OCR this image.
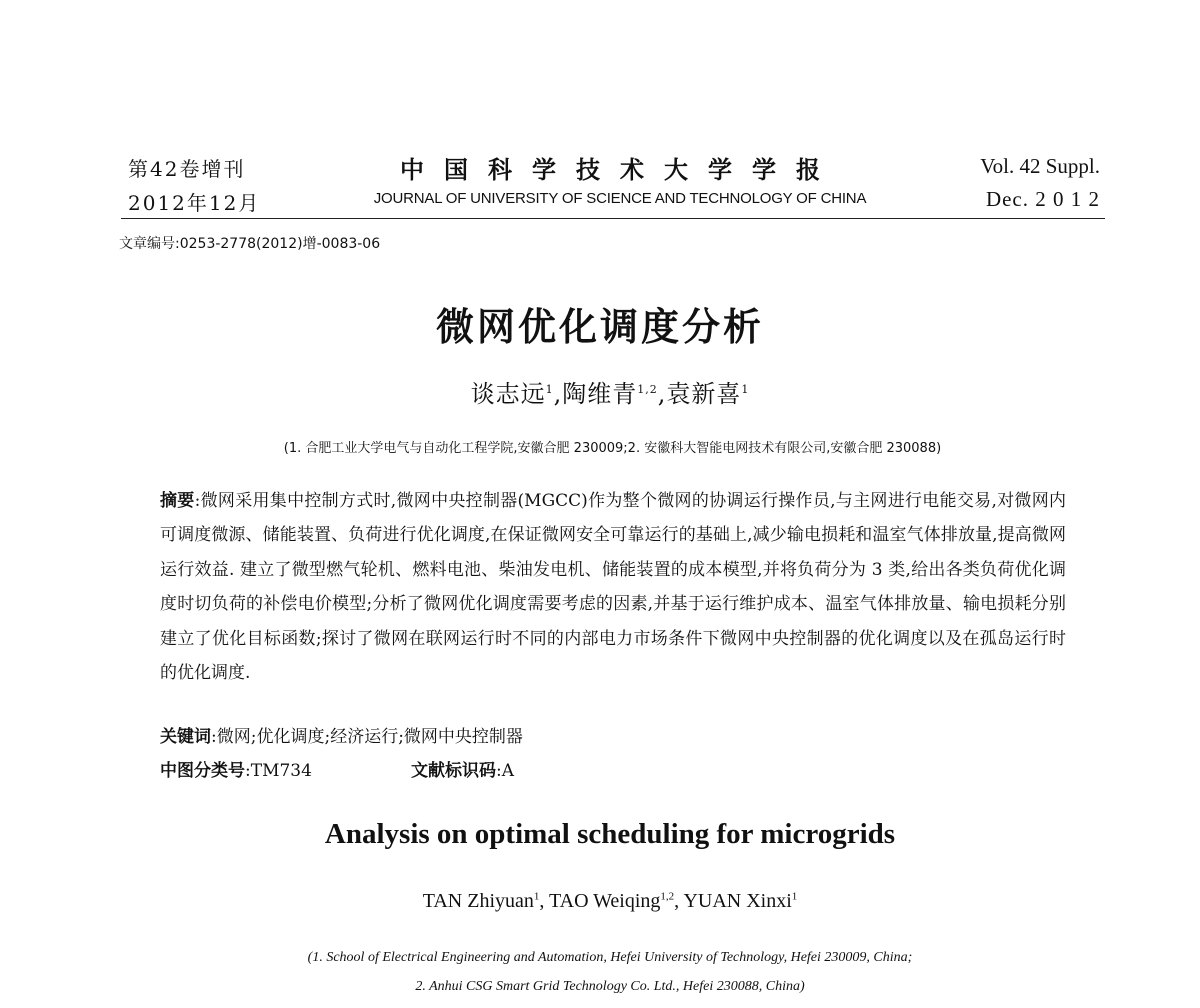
第42卷增刊
2012年12月
中国科学技术大学学报
JOURNAL OF UNIVERSITY OF SCIENCE AND TECHNOLOGY OF CHINA
Vol. 42 Suppl.
Dec. 2 0 1 2
文章编号:0253-2778(2012)增-0083-06
微网优化调度分析
谈志远$^1$,陶维青$^{1,2}$,袁新喜$^1$
(1. 合肥工业大学电气与自动化工程学院,安徽合肥 230009;2. 安徽科大智能电网技术有限公司,安徽合肥 230088)
摘要:微网采用集中控制方式时,微网中央控制器(MGCC)作为整个微网的协调运行操作员,与主网进行电能交易,对微网内可调度微源、储能装置、负荷进行优化调度,在保证微网安全可靠运行的基础上,减少输电损耗和温室气体排放量,提高微网运行效益. 建立了微型燃气轮机、燃料电池、柴油发电机、储能装置的成本模型,并将负荷分为 3 类,给出各类负荷优化调度时切负荷的补偿电价模型;分析了微网优化调度需要考虑的因素,并基于运行维护成本、温室气体排放量、输电损耗分别建立了优化目标函数;探讨了微网在联网运行时不同的内部电力市场条件下微网中央控制器的优化调度以及在孤岛运行时的优化调度.
关键词:微网;优化调度;经济运行;微网中央控制器
中图分类号:TM734	文献标识码:A
Analysis on optimal scheduling for microgrids
TAN Zhiyuan$^1$, TAO Weiqing$^{1,2}$, YUAN Xinxi$^1$
(1. School of Electrical Engineering and Automation, Hefei University of Technology, Hefei 230009, China;
2. Anhui CSG Smart Grid Technology Co. Ltd., Hefei 230088, China)
